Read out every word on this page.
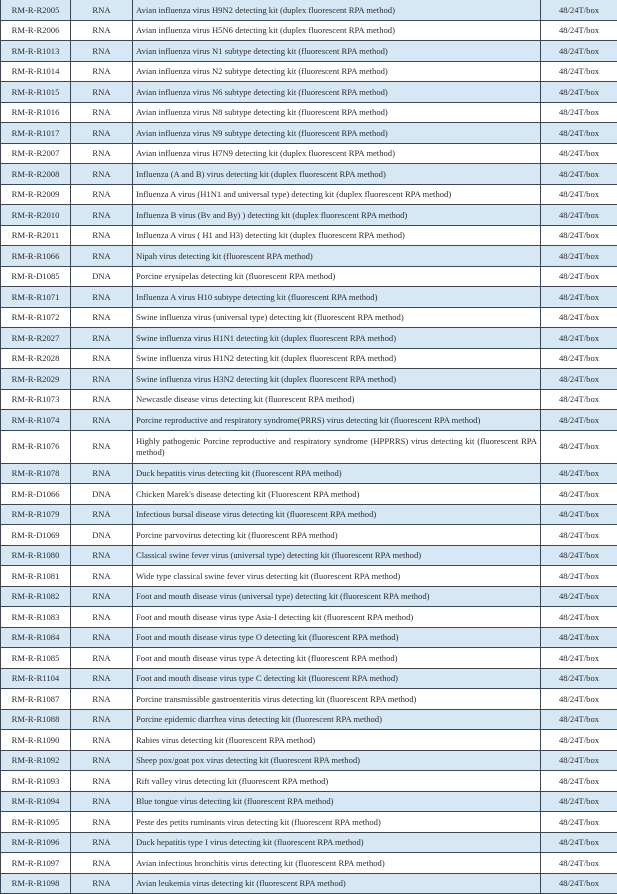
RM-R-R2005	RNA	Avian influenza virus H9N2 detecting kit (duplex fluorescent RPA method)	48/24T/box
RM-R-R2006	RNA	Avian influenza virus H5N6 detecting kit (duplex fluorescent RPA method)	48/24T/box
RM-R-R1013	RNA	Avian influenza virus N1 subtype detecting kit (fluorescent RPA method)	48/24T/box
RM-R-R1014	RNA	Avian influenza virus N2 subtype detecting kit (fluorescent RPA method)	48/24T/box
RM-R-R1015	RNA	Avian influenza virus N6 subtype detecting kit (fluorescent RPA method)	48/24T/box
RM-R-R1016	RNA	Avian influenza virus N8 subtype detecting kit (fluorescent RPA method)	48/24T/box
RM-R-R1017	RNA	Avian influenza virus N9 subtype detecting kit (fluorescent RPA method)	48/24T/box
RM-R-R2007	RNA	Avian influenza virus H7N9 detecting kit (duplex fluorescent RPA method)	48/24T/box
RM-R-R2008	RNA	Influenza (A and B) virus detecting kit (duplex fluorescent RPA method)	48/24T/box
RM-R-R2009	RNA	Influenza A virus (H1N1 and universal type) detecting kit (duplex fluorescent RPA method)	48/24T/box
RM-R-R2010	RNA	Influenza B virus (Bv and By) ) detecting kit (duplex fluorescent RPA method)	48/24T/box
RM-R-R2011	RNA	Influenza A virus ( H1 and H3) detecting kit (duplex fluorescent RPA method)	48/24T/box
RM-R-R1066	RNA	Nipah virus detecting kit (fluorescent RPA method)	48/24T/box
RM-R-D1085	DNA	Porcine erysipelas detecting kit (fluorescent RPA method)	48/24T/box
RM-R-R1071	RNA	Influenza A virus H10 subtype detecting kit (fluorescent RPA method)	48/24T/box
RM-R-R1072	RNA	Swine influenza virus (universal type) detecting kit (fluorescent RPA method)	48/24T/box
RM-R-R2027	RNA	Swine influenza virus H1N1 detecting kit (duplex fluorescent RPA method)	48/24T/box
RM-R-R2028	RNA	Swine influenza virus H1N2 detecting kit (duplex fluorescent RPA method)	48/24T/box
RM-R-R2029	RNA	Swine influenza virus H3N2 detecting kit (duplex fluorescent RPA method)	48/24T/box
RM-R-R1073	RNA	Newcastle disease virus detecting kit (fluorescent RPA method)	48/24T/box
RM-R-R1074	RNA	Porcine reproductive and respiratory syndrome(PRRS) virus detecting kit (fluorescent RPA method)	48/24T/box
RM-R-R1076	RNA	Highly pathogenic Porcine reproductive and respiratory syndrome (HPPRRS) virus detecting kit (fluorescent RPA method)	48/24T/box
RM-R-R1078	RNA	Duck hepatitis virus detecting kit (fluorescent RPA method)	48/24T/box
RM-R-D1066	DNA	Chicken Marek's disease detecting kit (Fluorescent RPA method)	48/24T/box
RM-R-R1079	RNA	Infectious bursal disease virus detecting kit (fluorescent RPA method)	48/24T/box
RM-R-D1069	DNA	Porcine parvovirus detecting kit (fluorescent RPA method)	48/24T/box
RM-R-R1080	RNA	Classical swine fever virus (universal type) detecting kit (fluorescent RPA method)	48/24T/box
RM-R-R1081	RNA	Wide type classical swine fever virus detecting kit (fluorescent RPA method)	48/24T/box
RM-R-R1082	RNA	Foot and mouth disease virus (universal type) detecting kit (fluorescent RPA method)	48/24T/box
RM-R-R1083	RNA	Foot and mouth disease virus type Asia-I detecting kit (fluorescent RPA method)	48/24T/box
RM-R-R1084	RNA	Foot and mouth disease virus type O detecting kit (fluorescent RPA method)	48/24T/box
RM-R-R1085	RNA	Foot and mouth disease virus type A detecting kit (fluorescent RPA method)	48/24T/box
RM-R-R1104	RNA	Foot and mouth disease virus type C detecting kit (fluorescent RPA method)	48/24T/box
RM-R-R1087	RNA	Porcine transmissible gastroenteritis virus detecting kit (fluorescent RPA method)	48/24T/box
RM-R-R1088	RNA	Porcine epidemic diarrhea virus detecting kit (fluorescent RPA method)	48/24T/box
RM-R-R1090	RNA	Rabies virus detecting kit (fluorescent RPA method)	48/24T/box
RM-R-R1092	RNA	Sheep pox/goat pox virus detecting kit (fluorescent RPA method)	48/24T/box
RM-R-R1093	RNA	Rift valley virus detecting kit (fluorescent RPA method)	48/24T/box
RM-R-R1094	RNA	Blue tongue virus detecting kit (fluorescent RPA method)	48/24T/box
RM-R-R1095	RNA	Peste des petits ruminants virus detecting kit (fluorescent RPA method)	48/24T/box
RM-R-R1096	RNA	Duck hepatitis type I virus detecting kit (fluorescent RPA method)	48/24T/box
RM-R-R1097	RNA	Avian infectious bronchitis virus detecting kit (fluorescent RPA method)	48/24T/box
RM-R-R1098	RNA	Avian leukemia virus detecting kit (fluorescent RPA method)	48/24T/box
